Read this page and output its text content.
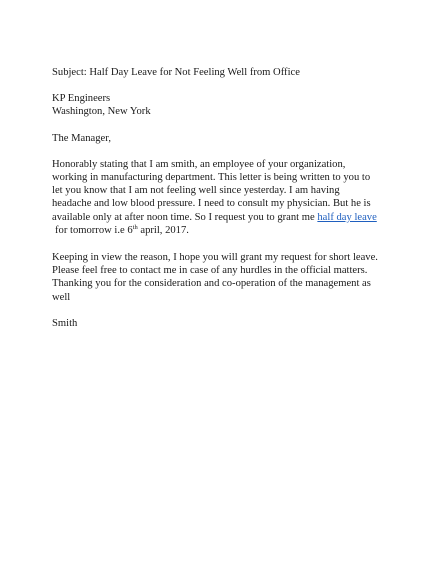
Subject: Half Day Leave for Not Feeling Well from Office
KP Engineers
Washington, New York
The Manager,
Honorably stating that I am smith, an employee of your organization,
working in manufacturing department. This letter is being written to you to
let you know that I am not feeling well since yesterday. I am having
headache and low blood pressure. I need to consult my physician. But he is
available only at after noon time. So I request you to grant me half day leave
for tomorrow i.e 6th april, 2017.
Keeping in view the reason, I hope you will grant my request for short leave.
Please feel free to contact me in case of any hurdles in the official matters.
Thanking you for the consideration and co-operation of the management as
well
Smith
